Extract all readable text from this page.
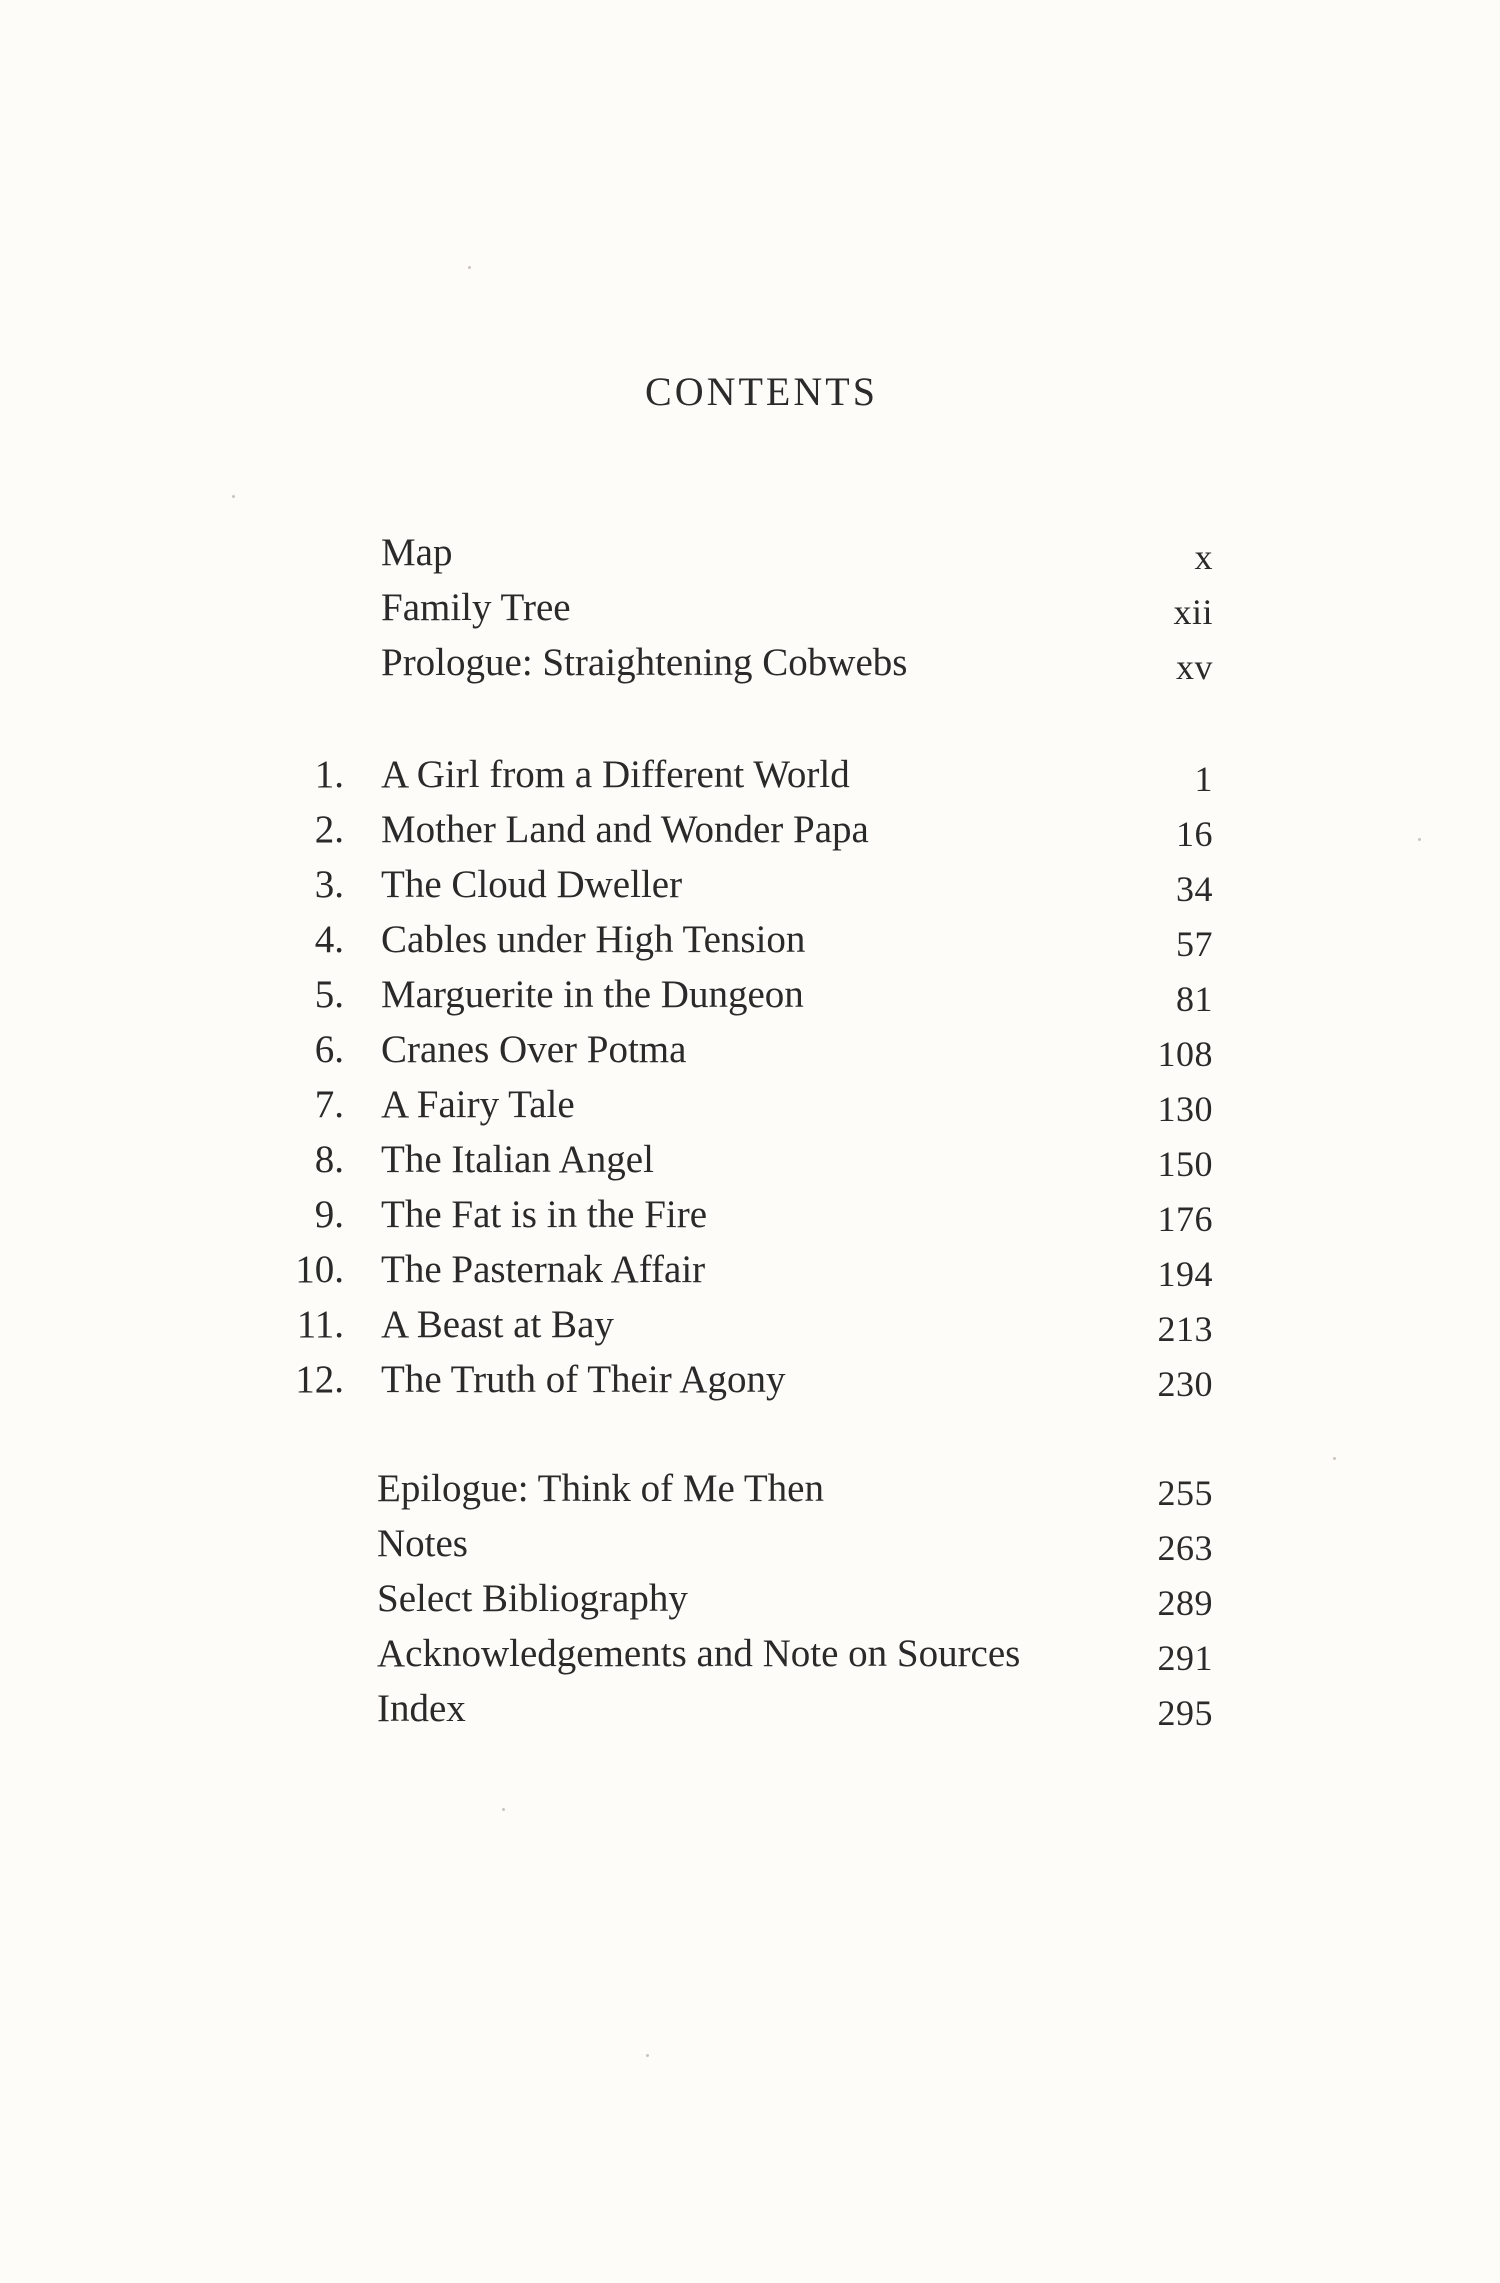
CONTENTS
Map	x
Family Tree	xii
Prologue: Straightening Cobwebs	xv
1. A Girl from a Different World	1
2. Mother Land and Wonder Papa	16
3. The Cloud Dweller	34
4. Cables under High Tension	57
5. Marguerite in the Dungeon	81
6. Cranes Over Potma	108
7. A Fairy Tale	130
8. The Italian Angel	150
9. The Fat is in the Fire	176
10. The Pasternak Affair	194
11. A Beast at Bay	213
12. The Truth of Their Agony	230
Epilogue: Think of Me Then	255
Notes	263
Select Bibliography	289
Acknowledgements and Note on Sources	291
Index	295
